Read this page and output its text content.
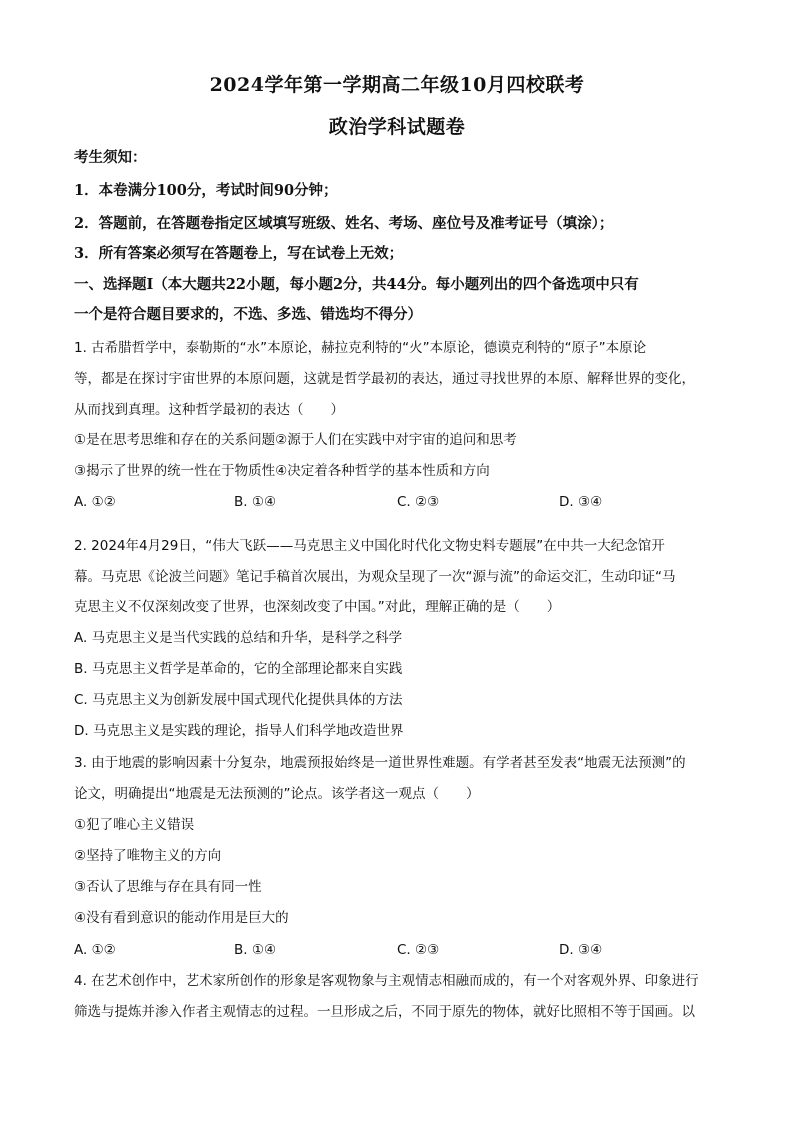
2024学年第一学期高二年级10月四校联考
政治学科试题卷
考生须知：
1．本卷满分100分，考试时间90分钟；
2．答题前，在答题卷指定区域填写班级、姓名、考场、座位号及准考证号（填涂）；
3．所有答案必须写在答题卷上，写在试卷上无效；
一、选择题Ⅰ（本大题共22小题，每小题2分，共44分。每小题列出的四个备选项中只有
一个是符合题目要求的，不选、多选、错选均不得分）
1. 古希腊哲学中，泰勒斯的“水”本原论，赫拉克利特的“火”本原论，德谟克利特的“原子”本原论
等，都是在探讨宇宙世界的本原问题，这就是哲学最初的表达，通过寻找世界的本原、解释世界的变化，
从而找到真理。这种哲学最初的表达（　　）
①是在思考思维和存在的关系问题②源于人们在实践中对宇宙的追问和思考
③揭示了世界的统一性在于物质性④决定着各种哲学的基本性质和方向
A. ①②	B. ①④	C. ②③	D. ③④
2. 2024年4月29日，“伟大飞跃——马克思主义中国化时代化文物史料专题展”在中共一大纪念馆开
幕。马克思《论波兰问题》笔记手稿首次展出，为观众呈现了一次“源与流”的命运交汇，生动印证“马
克思主义不仅深刻改变了世界，也深刻改变了中国。”对此，理解正确的是（　　）
A. 马克思主义是当代实践的总结和升华，是科学之科学
B. 马克思主义哲学是革命的，它的全部理论都来自实践
C. 马克思主义为创新发展中国式现代化提供具体的方法
D. 马克思主义是实践的理论，指导人们科学地改造世界
3. 由于地震的影响因素十分复杂，地震预报始终是一道世界性难题。有学者甚至发表“地震无法预测”的
论文，明确提出“地震是无法预测的”论点。该学者这一观点（　　）
①犯了唯心主义错误
②坚持了唯物主义的方向
③否认了思维与存在具有同一性
④没有看到意识的能动作用是巨大的
A. ①②	B. ①④	C. ②③	D. ③④
4. 在艺术创作中，艺术家所创作的形象是客观物象与主观情志相融而成的，有一个对客观外界、印象进行
筛选与提炼并渗入作者主观情志的过程。一旦形成之后，不同于原先的物体，就好比照相不等于国画。以
